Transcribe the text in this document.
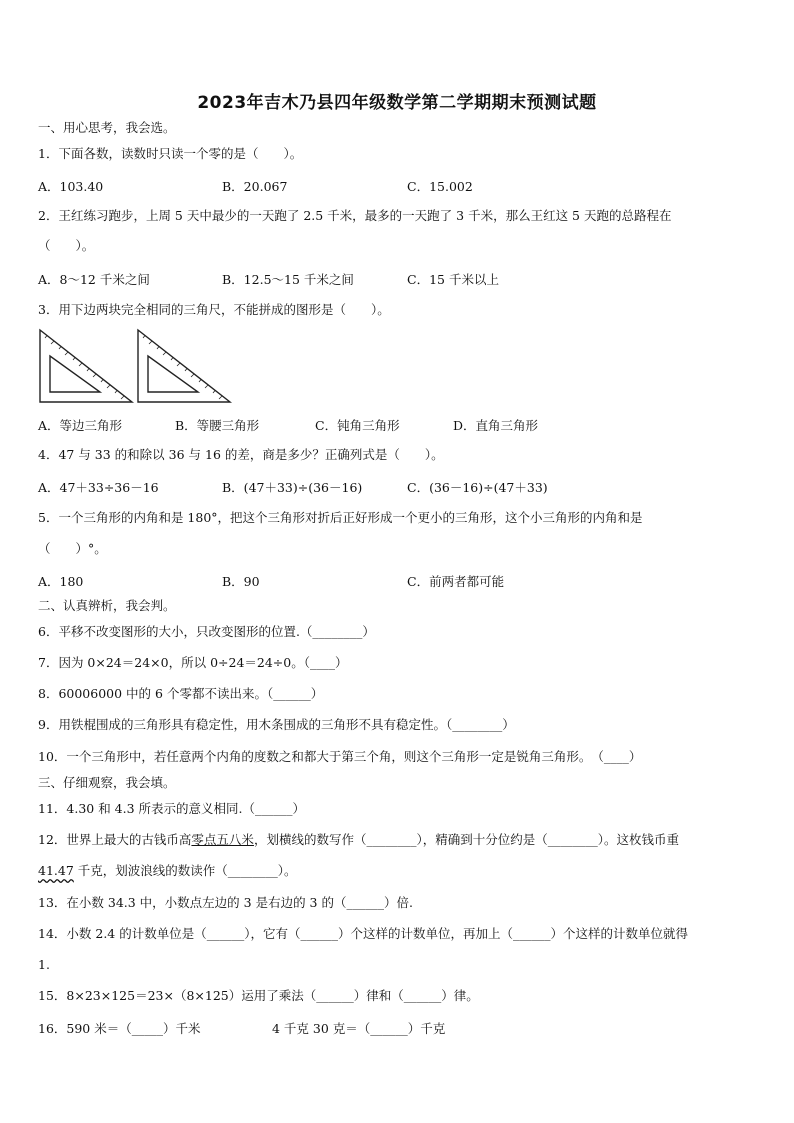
2023年吉木乃县四年级数学第二学期期末预测试题
一、用心思考，我会选。
1．下面各数，读数时只读一个零的是（　　）。
A．103.40	B．20.067	C．15.002
2．王红练习跑步，上周 5 天中最少的一天跑了 2.5 千米，最多的一天跑了 3 千米，那么王红这 5 天跑的总路程在
（　　）。
A．8～12 千米之间	B．12.5～15 千米之间	C．15 千米以上
3．用下边两块完全相同的三角尺，不能拼成的图形是（　　）。
A．等边三角形	B．等腰三角形	C．钝角三角形	D．直角三角形
4．47 与 33 的和除以 36 与 16 的差，商是多少？正确列式是（　　）。
A．47＋33÷36－16	B．(47＋33)÷(36－16)	C．(36－16)÷(47＋33)
5．一个三角形的内角和是 180°，把这个三角形对折后正好形成一个更小的三角形，这个小三角形的内角和是
（　　）°。
A．180	B．90	C．前两者都可能
二、认真辨析，我会判。
6．平移不改变图形的大小，只改变图形的位置.（________）
7．因为 0×24＝24×0，所以 0÷24＝24÷0。（____）
8．60006000 中的 6 个零都不读出来。（______）
9．用铁棍围成的三角形具有稳定性，用木条围成的三角形不具有稳定性。（________）
10．一个三角形中，若任意两个内角的度数之和都大于第三个角，则这个三角形一定是锐角三角形。　（____）
三、仔细观察，我会填。
11．4.30 和 4.3 所表示的意义相同.（______）
12．世界上最大的古钱币高零点五八米，划横线的数写作（________），精确到十分位约是（________）。这枚钱币重
41.47 千克，划波浪线的数读作（________）。
13．在小数 34.3 中，小数点左边的 3 是右边的 3 的（______）倍.
14．小数 2.4 的计数单位是（______），它有（______）个这样的计数单位，再加上（______）个这样的计数单位就得
1.
15．8×23×125＝23×（8×125）运用了乘法（______）律和（______）律。
16．590 米＝（_____）千米	4 千克 30 克＝（______）千克
